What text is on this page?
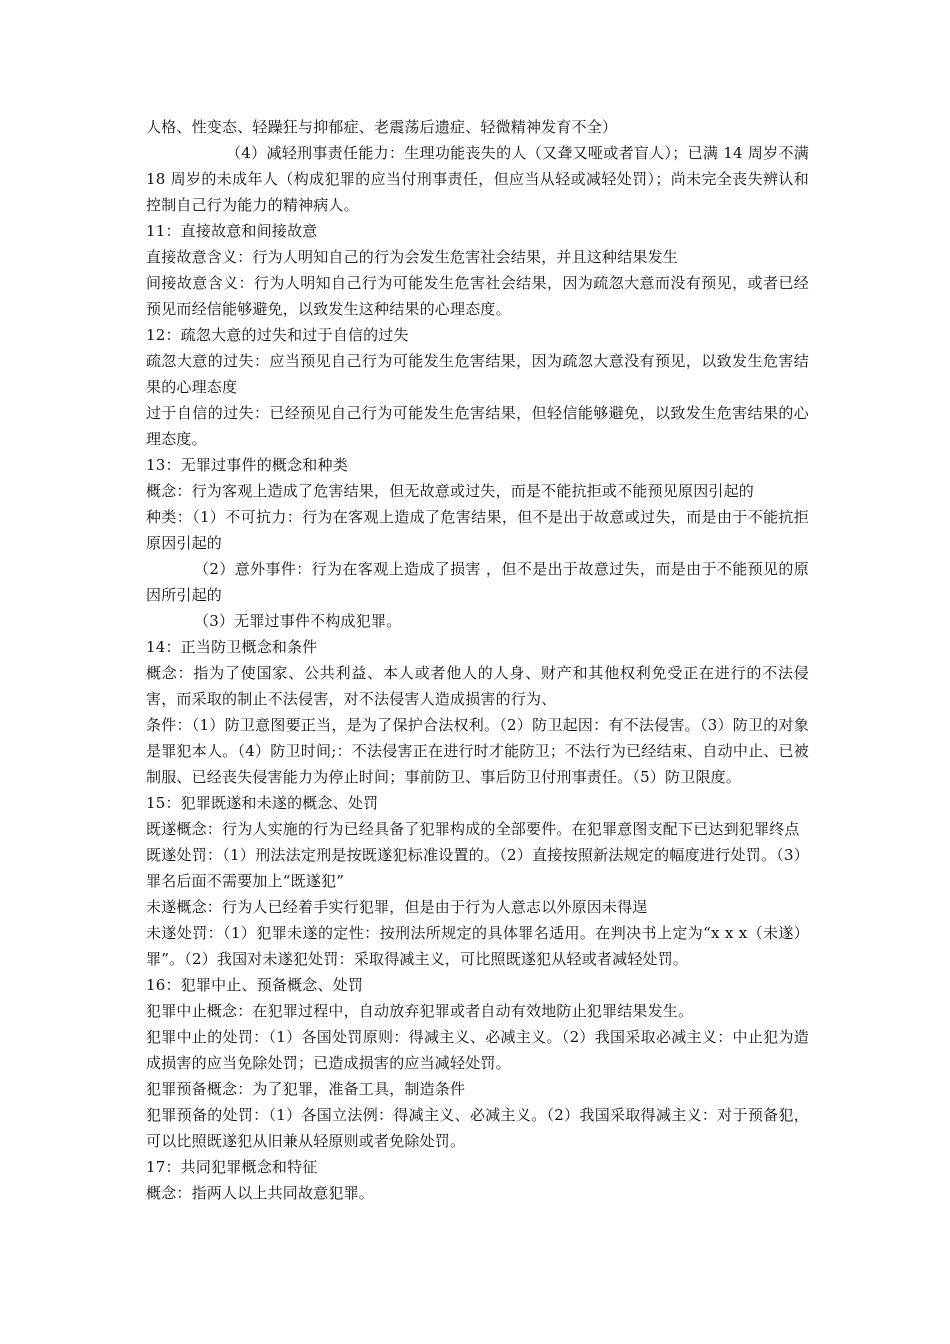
人格、性变态、轻躁狂与抑郁症、老震荡后遗症、轻微精神发育不全）

（4）减轻刑事责任能力：生理功能丧失的人（又聋又哑或者盲人）；已满 14 周岁不满 18 周岁的未成年人（构成犯罪的应当付刑事责任，但应当从轻或减轻处罚）；尚未完全丧失辨认和控制自己行为能力的精神病人。

11：直接故意和间接故意

直接故意含义：行为人明知自己的行为会发生危害社会结果，并且这种结果发生

间接故意含义：行为人明知自己行为可能发生危害社会结果，因为疏忽大意而没有预见，或者已经预见而经信能够避免，以致发生这种结果的心理态度。

12：疏忽大意的过失和过于自信的过失

疏忽大意的过失：应当预见自己行为可能发生危害结果，因为疏忽大意没有预见，以致发生危害结果的心理态度

过于自信的过失：已经预见自己行为可能发生危害结果，但轻信能够避免，以致发生危害结果的心理态度。

13：无罪过事件的概念和种类

概念：行为客观上造成了危害结果，但无故意或过失，而是不能抗拒或不能预见原因引起的

种类：（1）不可抗力：行为在客观上造成了危害结果，但不是出于故意或过失，而是由于不能抗拒原因引起的

（2）意外事件：行为在客观上造成了损害 ，但不是出于故意过失，而是由于不能预见的原因所引起的

（3）无罪过事件不构成犯罪。

14：正当防卫概念和条件

概念：指为了使国家、公共利益、本人或者他人的人身、财产和其他权利免受正在进行的不法侵害，而采取的制止不法侵害，对不法侵害人造成损害的行为、

条件：（1）防卫意图要正当，是为了保护合法权利。（2）防卫起因：有不法侵害。（3）防卫的对象是罪犯本人。（4）防卫时间;：不法侵害正在进行时才能防卫；不法行为已经结束、自动中止、已被制服、已经丧失侵害能力为停止时间；事前防卫、事后防卫付刑事责任。（5）防卫限度。

15：犯罪既遂和未遂的概念、处罚

既遂概念：行为人实施的行为已经具备了犯罪构成的全部要件。在犯罪意图支配下已达到犯罪终点

既遂处罚：（1）刑法法定刑是按既遂犯标准设置的。（2）直接按照新法规定的幅度进行处罚。（3）罪名后面不需要加上“既遂犯”

未遂概念：行为人已经着手实行犯罪，但是由于行为人意志以外原因未得逞

未遂处罚：（1）犯罪未遂的定性：按刑法所规定的具体罪名适用。在判决书上定为“x x x（未遂）罪”。（2）我国对未遂犯处罚：采取得减主义，可比照既遂犯从轻或者减轻处罚。

16：犯罪中止、预备概念、处罚

犯罪中止概念：在犯罪过程中，自动放弃犯罪或者自动有效地防止犯罪结果发生。

犯罪中止的处罚：（1）各国处罚原则：得减主义、必减主义。（2）我国采取必减主义：中止犯为造成损害的应当免除处罚；已造成损害的应当减轻处罚。

犯罪预备概念：为了犯罪，准备工具，制造条件

犯罪预备的处罚：（1）各国立法例：得减主义、必减主义。（2）我国采取得减主义：对于预备犯，可以比照既遂犯从旧兼从轻原则或者免除处罚。

17：共同犯罪概念和特征

概念：指两人以上共同故意犯罪。
